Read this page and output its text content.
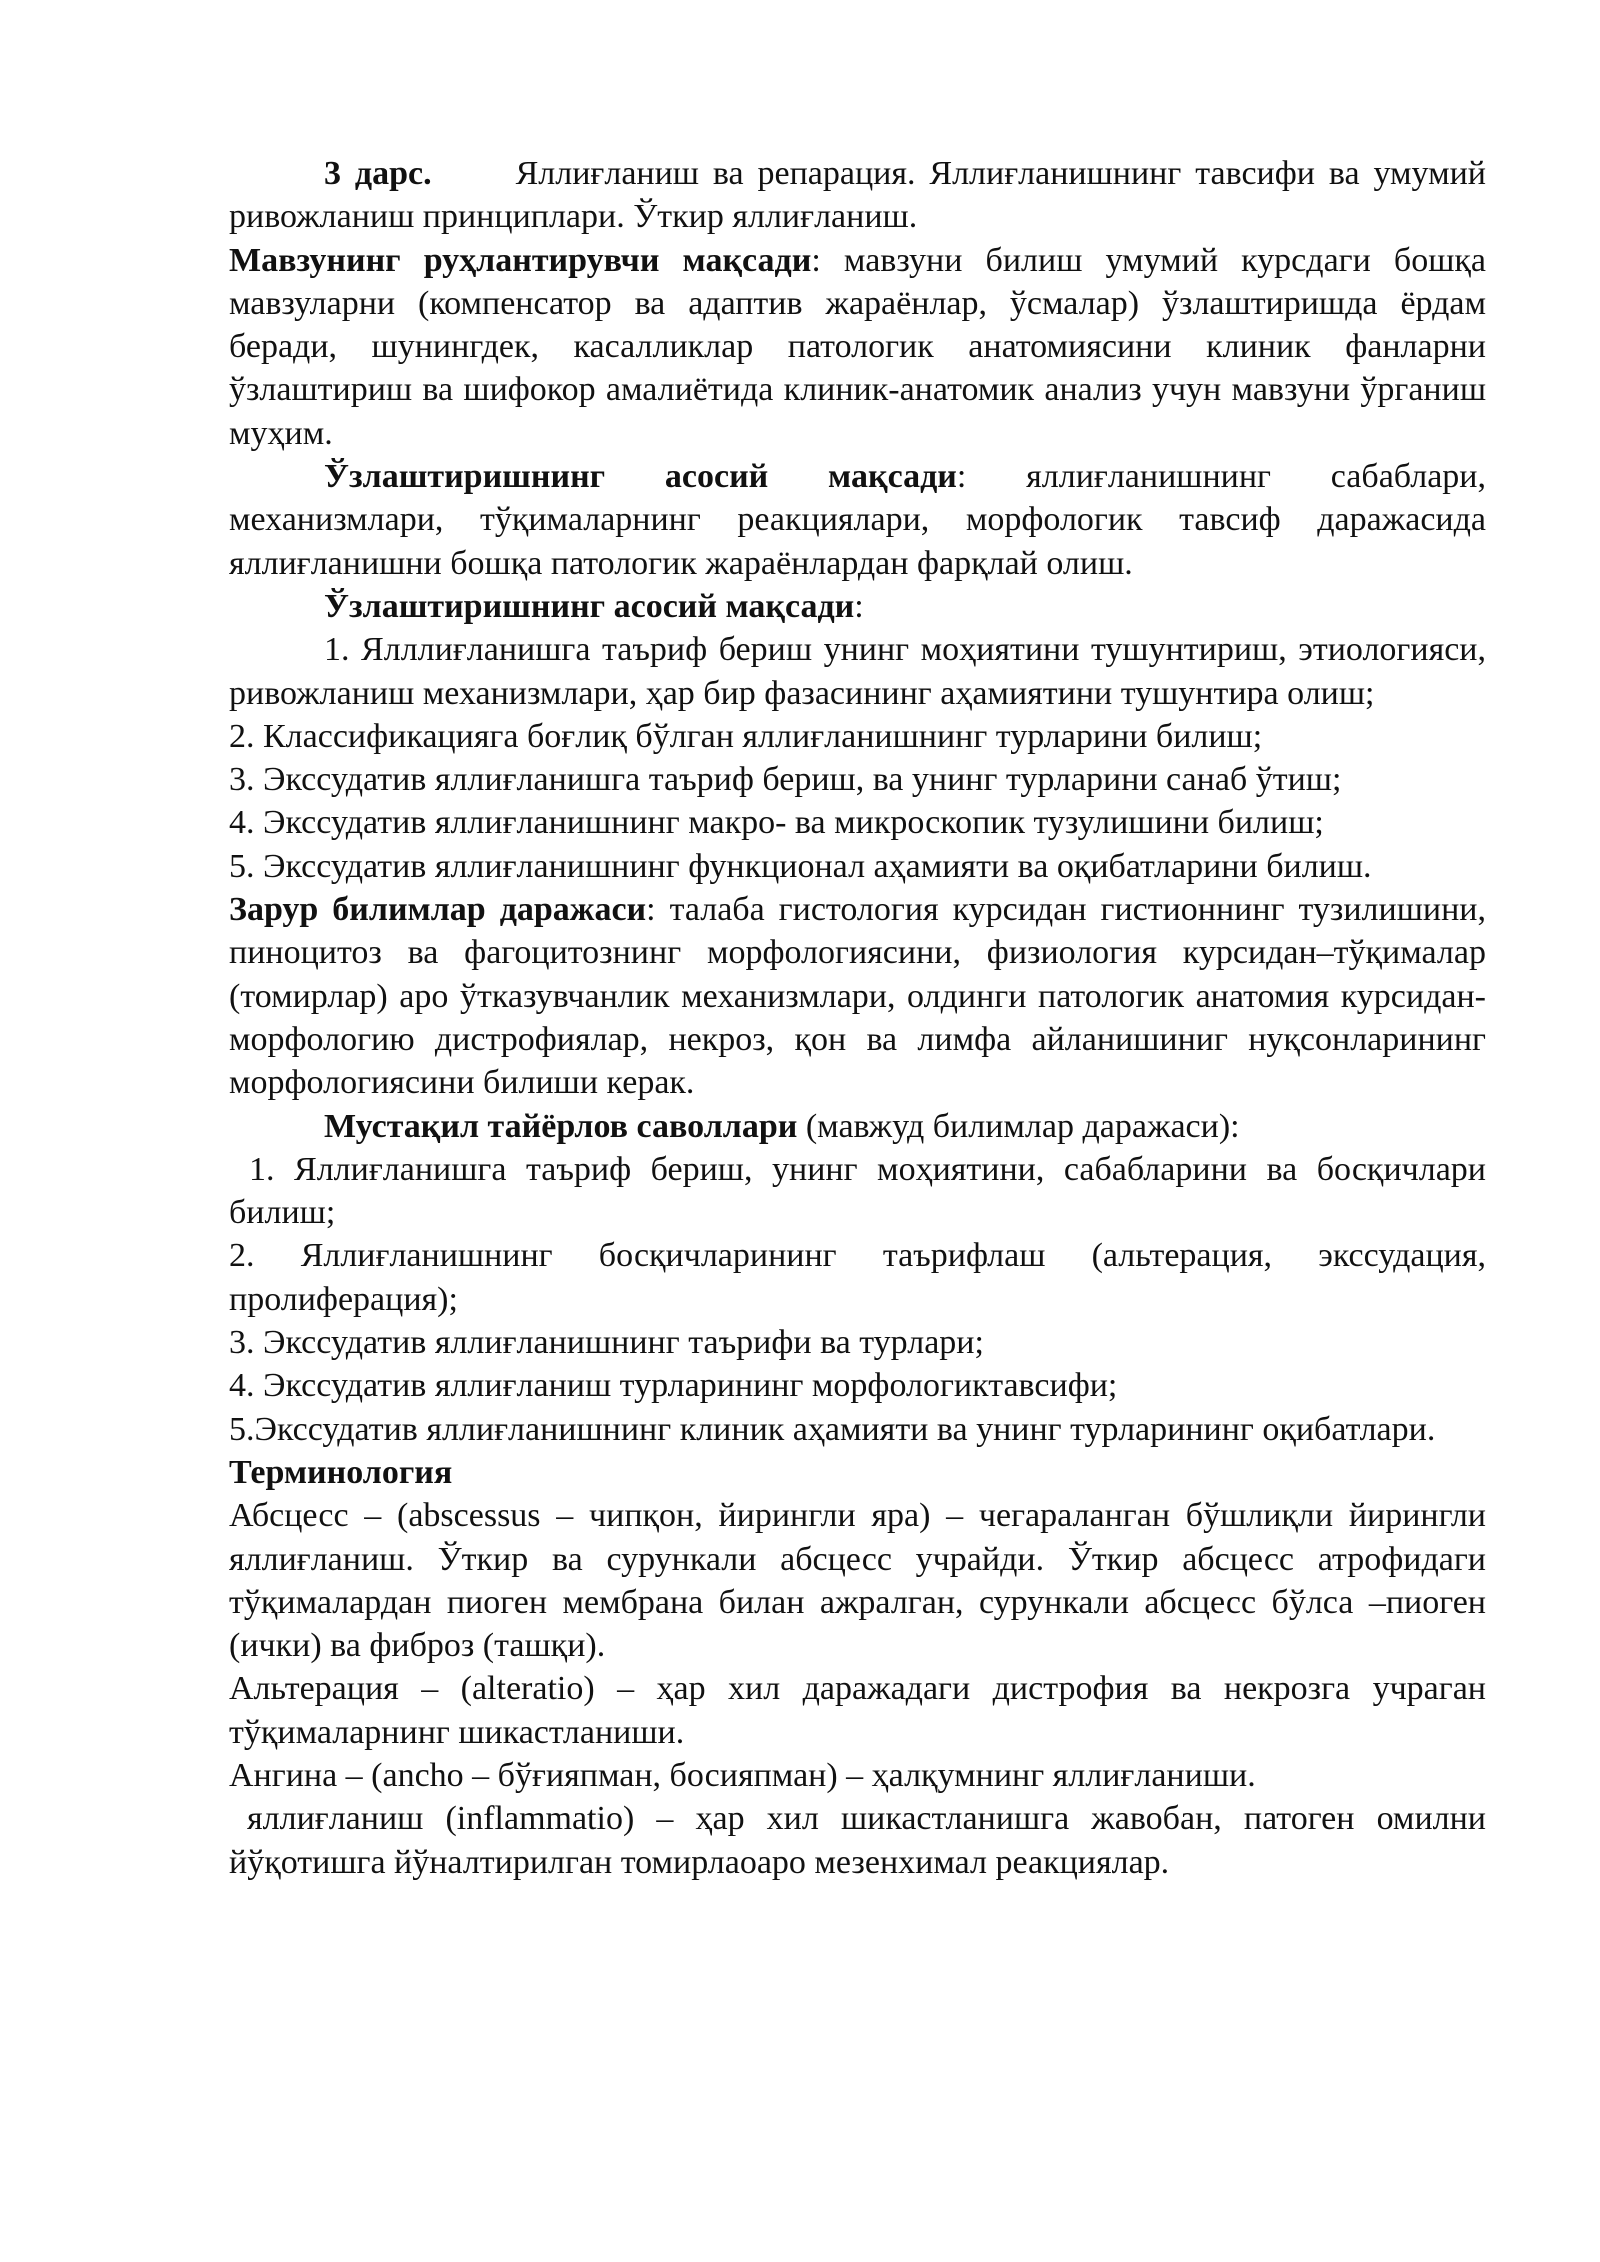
3 дарс. Яллиғланиш ва репарация. Яллиғланишнинг тавсифи ва умумий ривожланиш принциплари. Ўткир яллиғланиш.

Мавзунинг руҳлантирувчи мақсади: мавзуни билиш умумий курсдаги бошқа мавзуларни (компенсатор ва адаптив жараёнлар, ўсмалар) ўзлаштиришда ёрдам беради, шунингдек, касалликлар патологик анатомиясини клиник фанларни ўзлаштириш ва шифокор амалиётида клиник-анатомик анализ учун мавзуни ўрганиш муҳим.

Ўзлаштиришнинг асосий мақсади: яллиғланишнинг сабаблари, механизмлари, тўқималарнинг реакциялари, морфологик тавсиф даражасида яллиғланишни бошқа патологик жараёнлардан фарқлай олиш.

Ўзлаштиришнинг асосий мақсади:

1. Ялллиғланишга таъриф бериш унинг моҳиятини тушунтириш, этиологияси, ривожланиш механизмлари, ҳар бир фазасининг аҳамиятини тушунтира олиш;

2. Классификацияга боғлиқ бўлган яллиғланишнинг турларини билиш;

3. Экссудатив яллиғланишга таъриф бериш, ва унинг турларини санаб ўтиш;

4. Экссудатив яллиғланишнинг макро- ва микроскопик тузулишини билиш;

5. Экссудатив яллиғланишнинг функционал аҳамияти ва оқибатларини билиш.

Зарур билимлар даражаси: талаба гистология курсидан гистионнинг тузилишини, пиноцитоз ва фагоцитознинг морфологиясини, физиология курсидан–тўқималар (томирлар) аро ўтказувчанлик механизмлари, олдинги патологик анатомия курсидан-морфологию дистрофиялар, некроз, қон ва лимфа айланишиниг нуқсонларининг морфологиясини билиши керак.

Мустақил тайёрлов саволлари (мавжуд билимлар даражаси):

1. Яллиғланишга таъриф бериш, унинг моҳиятини, сабабларини ва босқичлари билиш;

2. Яллиғланишнинг босқичларининг таърифлаш (альтерация, экссудация, пролиферация);

3. Экссудатив яллиғланишнинг таърифи ва турлари;

4. Экссудатив яллиғланиш турларининг морфологиктавсифи;

5.Экссудатив яллиғланишнинг клиник аҳамияти ва унинг турларининг оқибатлари.

Терминология

Абсцесс – (abscessus – чипқон, йирингли яра) – чегараланган бўшлиқли йирингли яллиғланиш. Ўткир ва сурункали абсцесс учрайди. Ўткир абсцесс атрофидаги тўқималардан пиоген мембрана билан ажралган, сурункали абсцесс бўлса –пиоген (ички) ва фиброз (ташқи).

Альтерация – (alteratio) – ҳар хил даражадаги дистрофия ва некрозга учраган тўқималарнинг шикастланиши.

Ангина – (ancho – бўғияпман, босияпман) – ҳалқумнинг яллиғланиши.

яллиғланиш (inflammatio) – ҳар хил шикастланишга жавобан, патоген омилни йўқотишга йўналтирилган томирлаоаро мезенхимал реакциялар.
